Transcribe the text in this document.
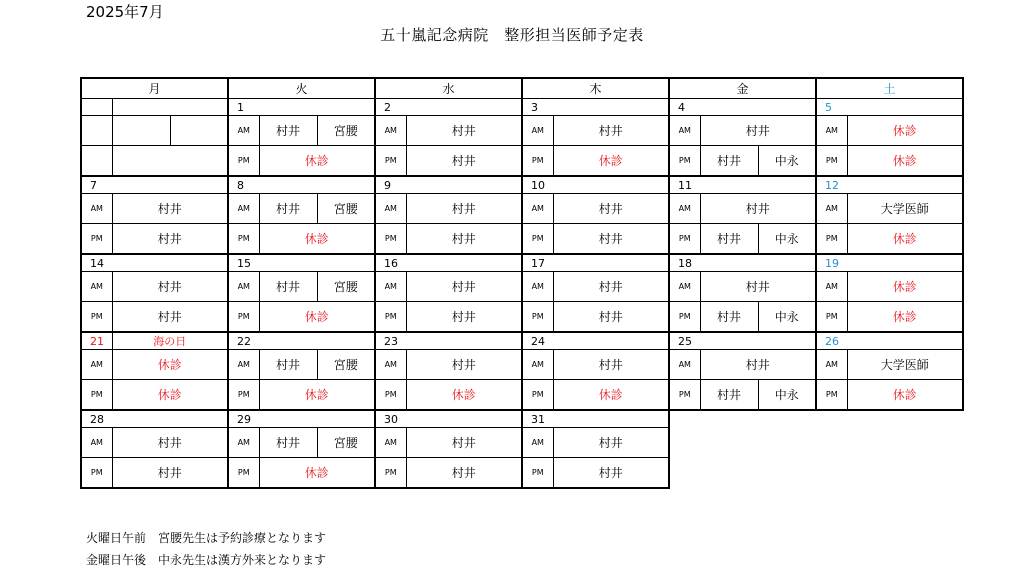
2025年7月
五十嵐記念病院　整形担当医師予定表
月			火			水		木		金			土	
			1			2		3		4			5	
			AM	村井	宮腰	AM	村井	AM	村井	AM	村井		AM	休診
			PM	休診		PM	村井	PM	休診	PM	村井	中永	PM	休診
7			8			9		10		11			12	
AM	村井		AM	村井	宮腰	AM	村井	AM	村井	AM	村井		AM	大学医師
PM	村井		PM	休診		PM	村井	PM	村井	PM	村井	中永	PM	休診
14			15			16		17		18			19	
AM	村井		AM	村井	宮腰	AM	村井	AM	村井	AM	村井		AM	休診
PM	村井		PM	休診		PM	村井	PM	村井	PM	村井	中永	PM	休診
21	海の日		22			23		24		25			26	
AM	休診		AM	村井	宮腰	AM	村井	AM	村井	AM	村井		AM	大学医師
PM	休診		PM	休診		PM	休診	PM	休診	PM	村井	中永	PM	休診
28			29			30		31						
AM	村井		AM	村井	宮腰	AM	村井	AM	村井					
PM	村井		PM	休診		PM	村井	PM	村井					
火曜日午前　宮腰先生は予約診療となります
金曜日午後　中永先生は漢方外来となります
